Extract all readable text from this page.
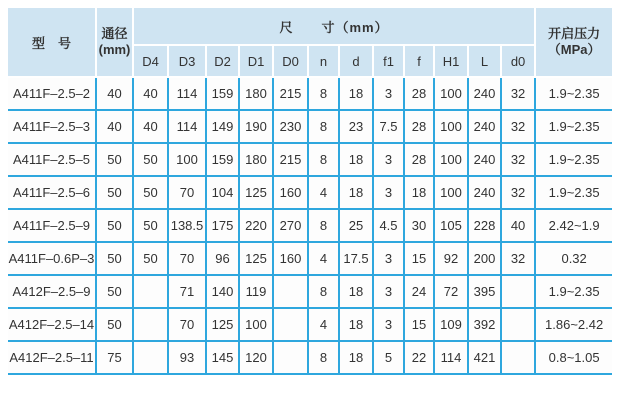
型　号	通径
(mm)	尺　　寸（mm）												开启压力
（MPa）

		D4	D3	D2	D1	D0	n	d	f1	f	H1	L	d0	
A411F–2.5–2	40	40	114	159	180	215	8	18	3	28	100	240	32	1.9~2.35
A411F–2.5–3	40	40	114	149	190	230	8	23	7.5	28	100	240	32	1.9~2.35
A411F–2.5–5	50	50	100	159	180	215	8	18	3	28	100	240	32	1.9~2.35
A411F–2.5–6	50	50	70	104	125	160	4	18	3	18	100	240	32	1.9~2.35
A411F–2.5–9	50	50	138.5	175	220	270	8	25	4.5	30	105	228	40	2.42~1.9
A411F–0.6P–3	50	50	70	96	125	160	4	17.5	3	15	92	200	32	0.32
A412F–2.5–9	50		71	140	119		8	18	3	24	72	395		1.9~2.35
A412F–2.5–14	50		70	125	100		4	18	3	15	109	392		1.86~2.42
A412F–2.5–11	75		93	145	120		8	18	5	22	114	421		0.8~1.05
